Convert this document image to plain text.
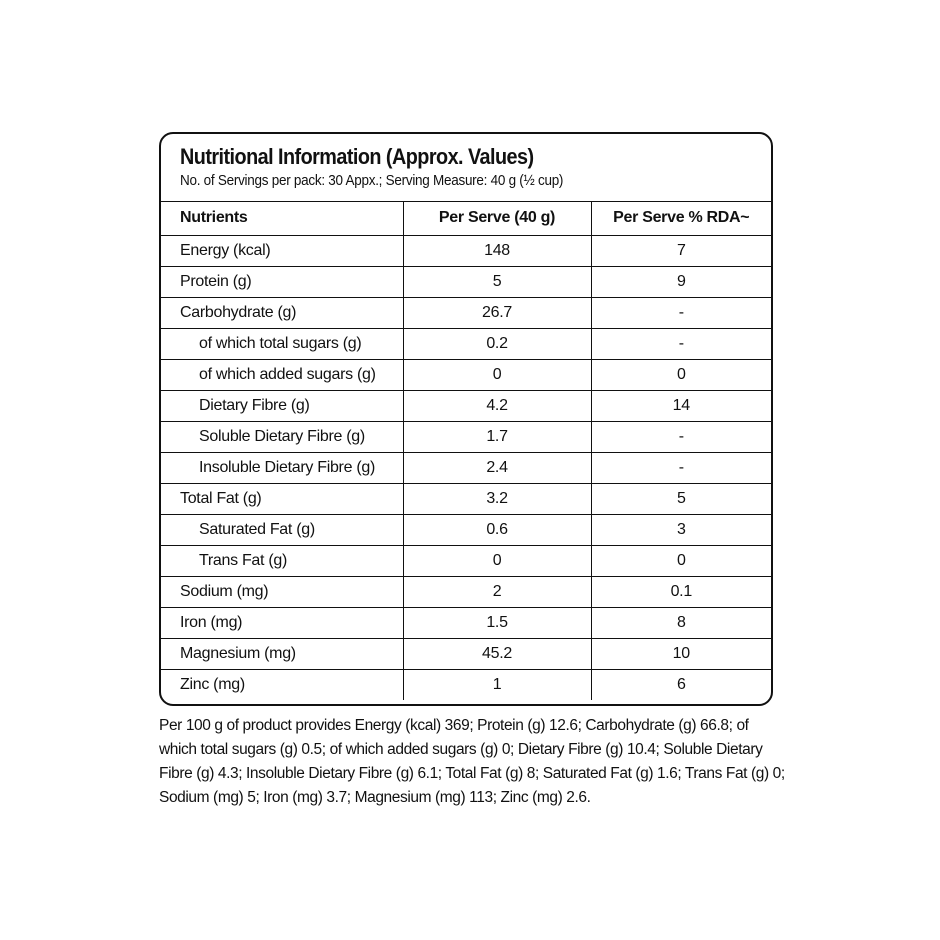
Nutritional Information (Approx. Values)
No. of Servings per pack: 30 Appx.; Serving Measure: 40 g (½ cup)
Nutrients	Per Serve (40 g)	Per Serve % RDA~
Energy (kcal)	148	7
Protein (g)	5	9
Carbohydrate (g)	26.7	-
of which total sugars (g)	0.2	-
of which added sugars (g)	0	0
Dietary Fibre (g)	4.2	14
Soluble Dietary Fibre (g)	1.7	-
Insoluble Dietary Fibre (g)	2.4	-
Total Fat (g)	3.2	5
Saturated Fat (g)	0.6	3
Trans Fat (g)	0	0
Sodium (mg)	2	0.1
Iron (mg)	1.5	8
Magnesium (mg)	45.2	10
Zinc (mg)	1	6
Per 100 g of product provides Energy (kcal) 369; Protein (g) 12.6; Carbohydrate (g) 66.8; of which total sugars (g) 0.5; of which added sugars (g) 0; Dietary Fibre (g) 10.4; Soluble Dietary Fibre (g) 4.3; Insoluble Dietary Fibre (g) 6.1; Total Fat (g) 8; Saturated Fat (g) 1.6; Trans Fat (g) 0; Sodium (mg) 5; Iron (mg) 3.7; Magnesium (mg) 113; Zinc (mg) 2.6.
